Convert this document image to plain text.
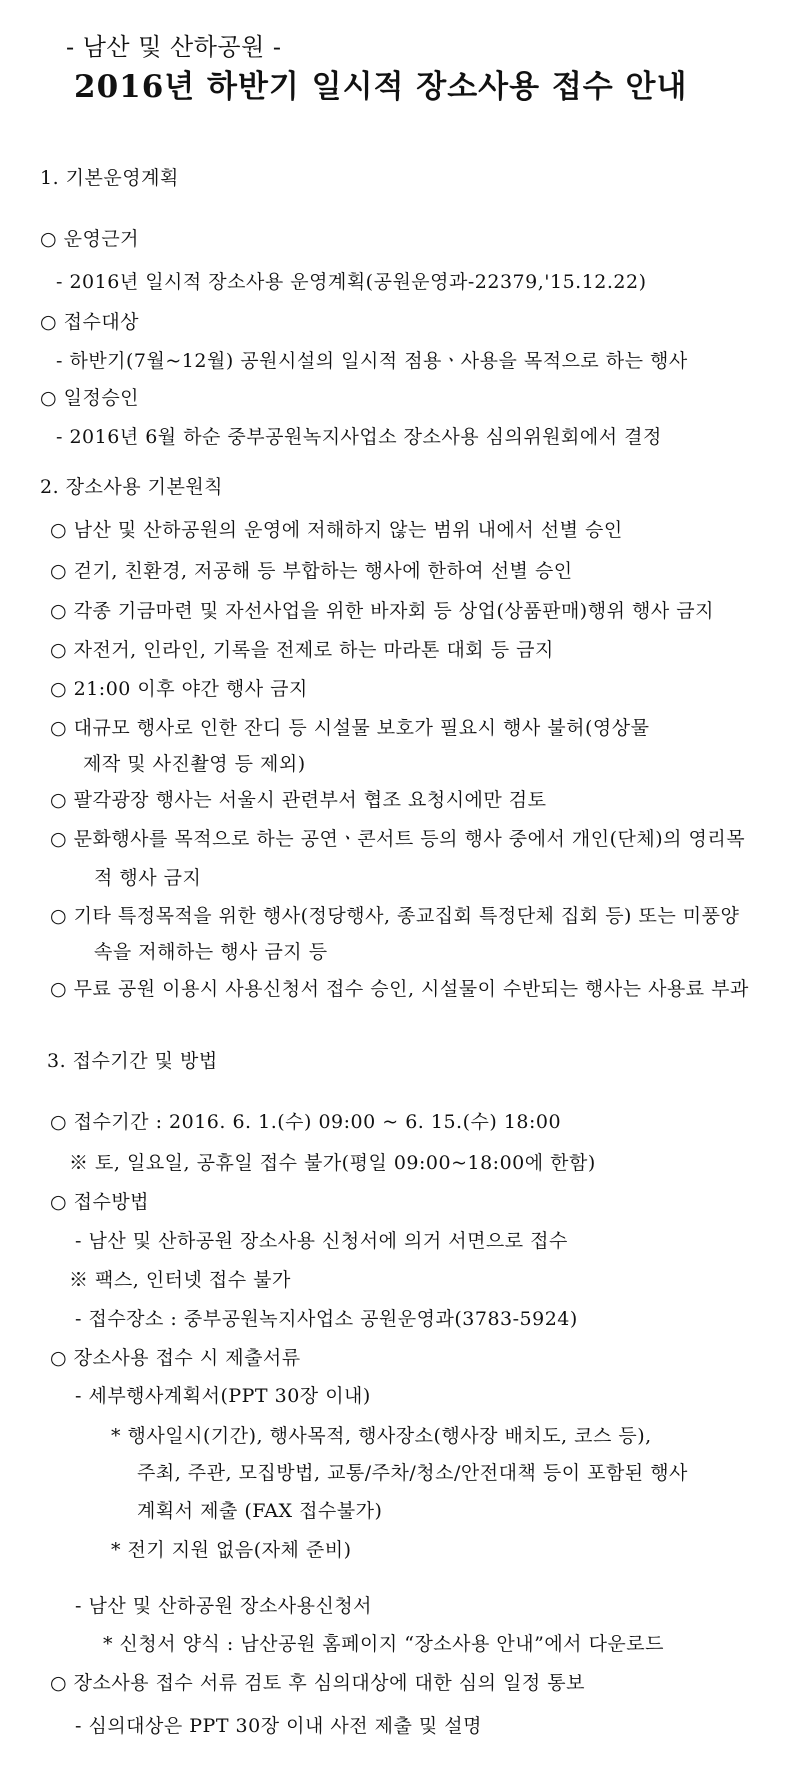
- 남산 및 산하공원 -
2016년 하반기 일시적 장소사용 접수 안내
1. 기본운영계획
○ 운영근거
- 2016년 일시적 장소사용 운영계획(공원운영과-22379,'15.12.22)
○ 접수대상
- 하반기(7월~12월) 공원시설의 일시적 점용ㆍ사용을 목적으로 하는 행사
○ 일정승인
- 2016년 6월 하순 중부공원녹지사업소 장소사용 심의위원회에서 결정
2. 장소사용 기본원칙
○ 남산 및 산하공원의 운영에 저해하지 않는 범위 내에서 선별 승인
○ 걷기, 친환경, 저공해 등 부합하는 행사에 한하여 선별 승인
○ 각종 기금마련 및 자선사업을 위한 바자회 등 상업(상품판매)행위 행사 금지
○ 자전거, 인라인, 기록을 전제로 하는 마라톤 대회 등 금지
○ 21:00 이후 야간 행사 금지
○ 대규모 행사로 인한 잔디 등 시설물 보호가 필요시 행사 불허(영상물
제작 및 사진촬영 등 제외)
○ 팔각광장 행사는 서울시 관련부서 협조 요청시에만 검토
○ 문화행사를 목적으로 하는 공연ㆍ콘서트 등의 행사 중에서 개인(단체)의 영리목
적 행사 금지
○ 기타 특정목적을 위한 행사(정당행사, 종교집회 특정단체 집회 등) 또는 미풍양
속을 저해하는 행사 금지 등
○ 무료 공원 이용시 사용신청서 접수 승인, 시설물이 수반되는 행사는 사용료 부과
3. 접수기간 및 방법
○ 접수기간 : 2016. 6. 1.(수) 09:00 ~ 6. 15.(수) 18:00
※ 토, 일요일, 공휴일 접수 불가(평일 09:00~18:00에 한함)
○ 접수방법
- 남산 및 산하공원 장소사용 신청서에 의거 서면으로 접수
※ 팩스, 인터넷 접수 불가
- 접수장소 : 중부공원녹지사업소 공원운영과(3783-5924)
○ 장소사용 접수 시 제출서류
- 세부행사계획서(PPT 30장 이내)
* 행사일시(기간), 행사목적, 행사장소(행사장 배치도, 코스 등),
주최, 주관, 모집방법, 교통/주차/청소/안전대책 등이 포함된 행사
계획서 제출 (FAX 접수불가)
* 전기 지원 없음(자체 준비)
- 남산 및 산하공원 장소사용신청서
* 신청서 양식 : 남산공원 홈페이지 “장소사용 안내”에서 다운로드
○ 장소사용 접수 서류 검토 후 심의대상에 대한 심의 일정 통보
- 심의대상은 PPT 30장 이내 사전 제출 및 설명
